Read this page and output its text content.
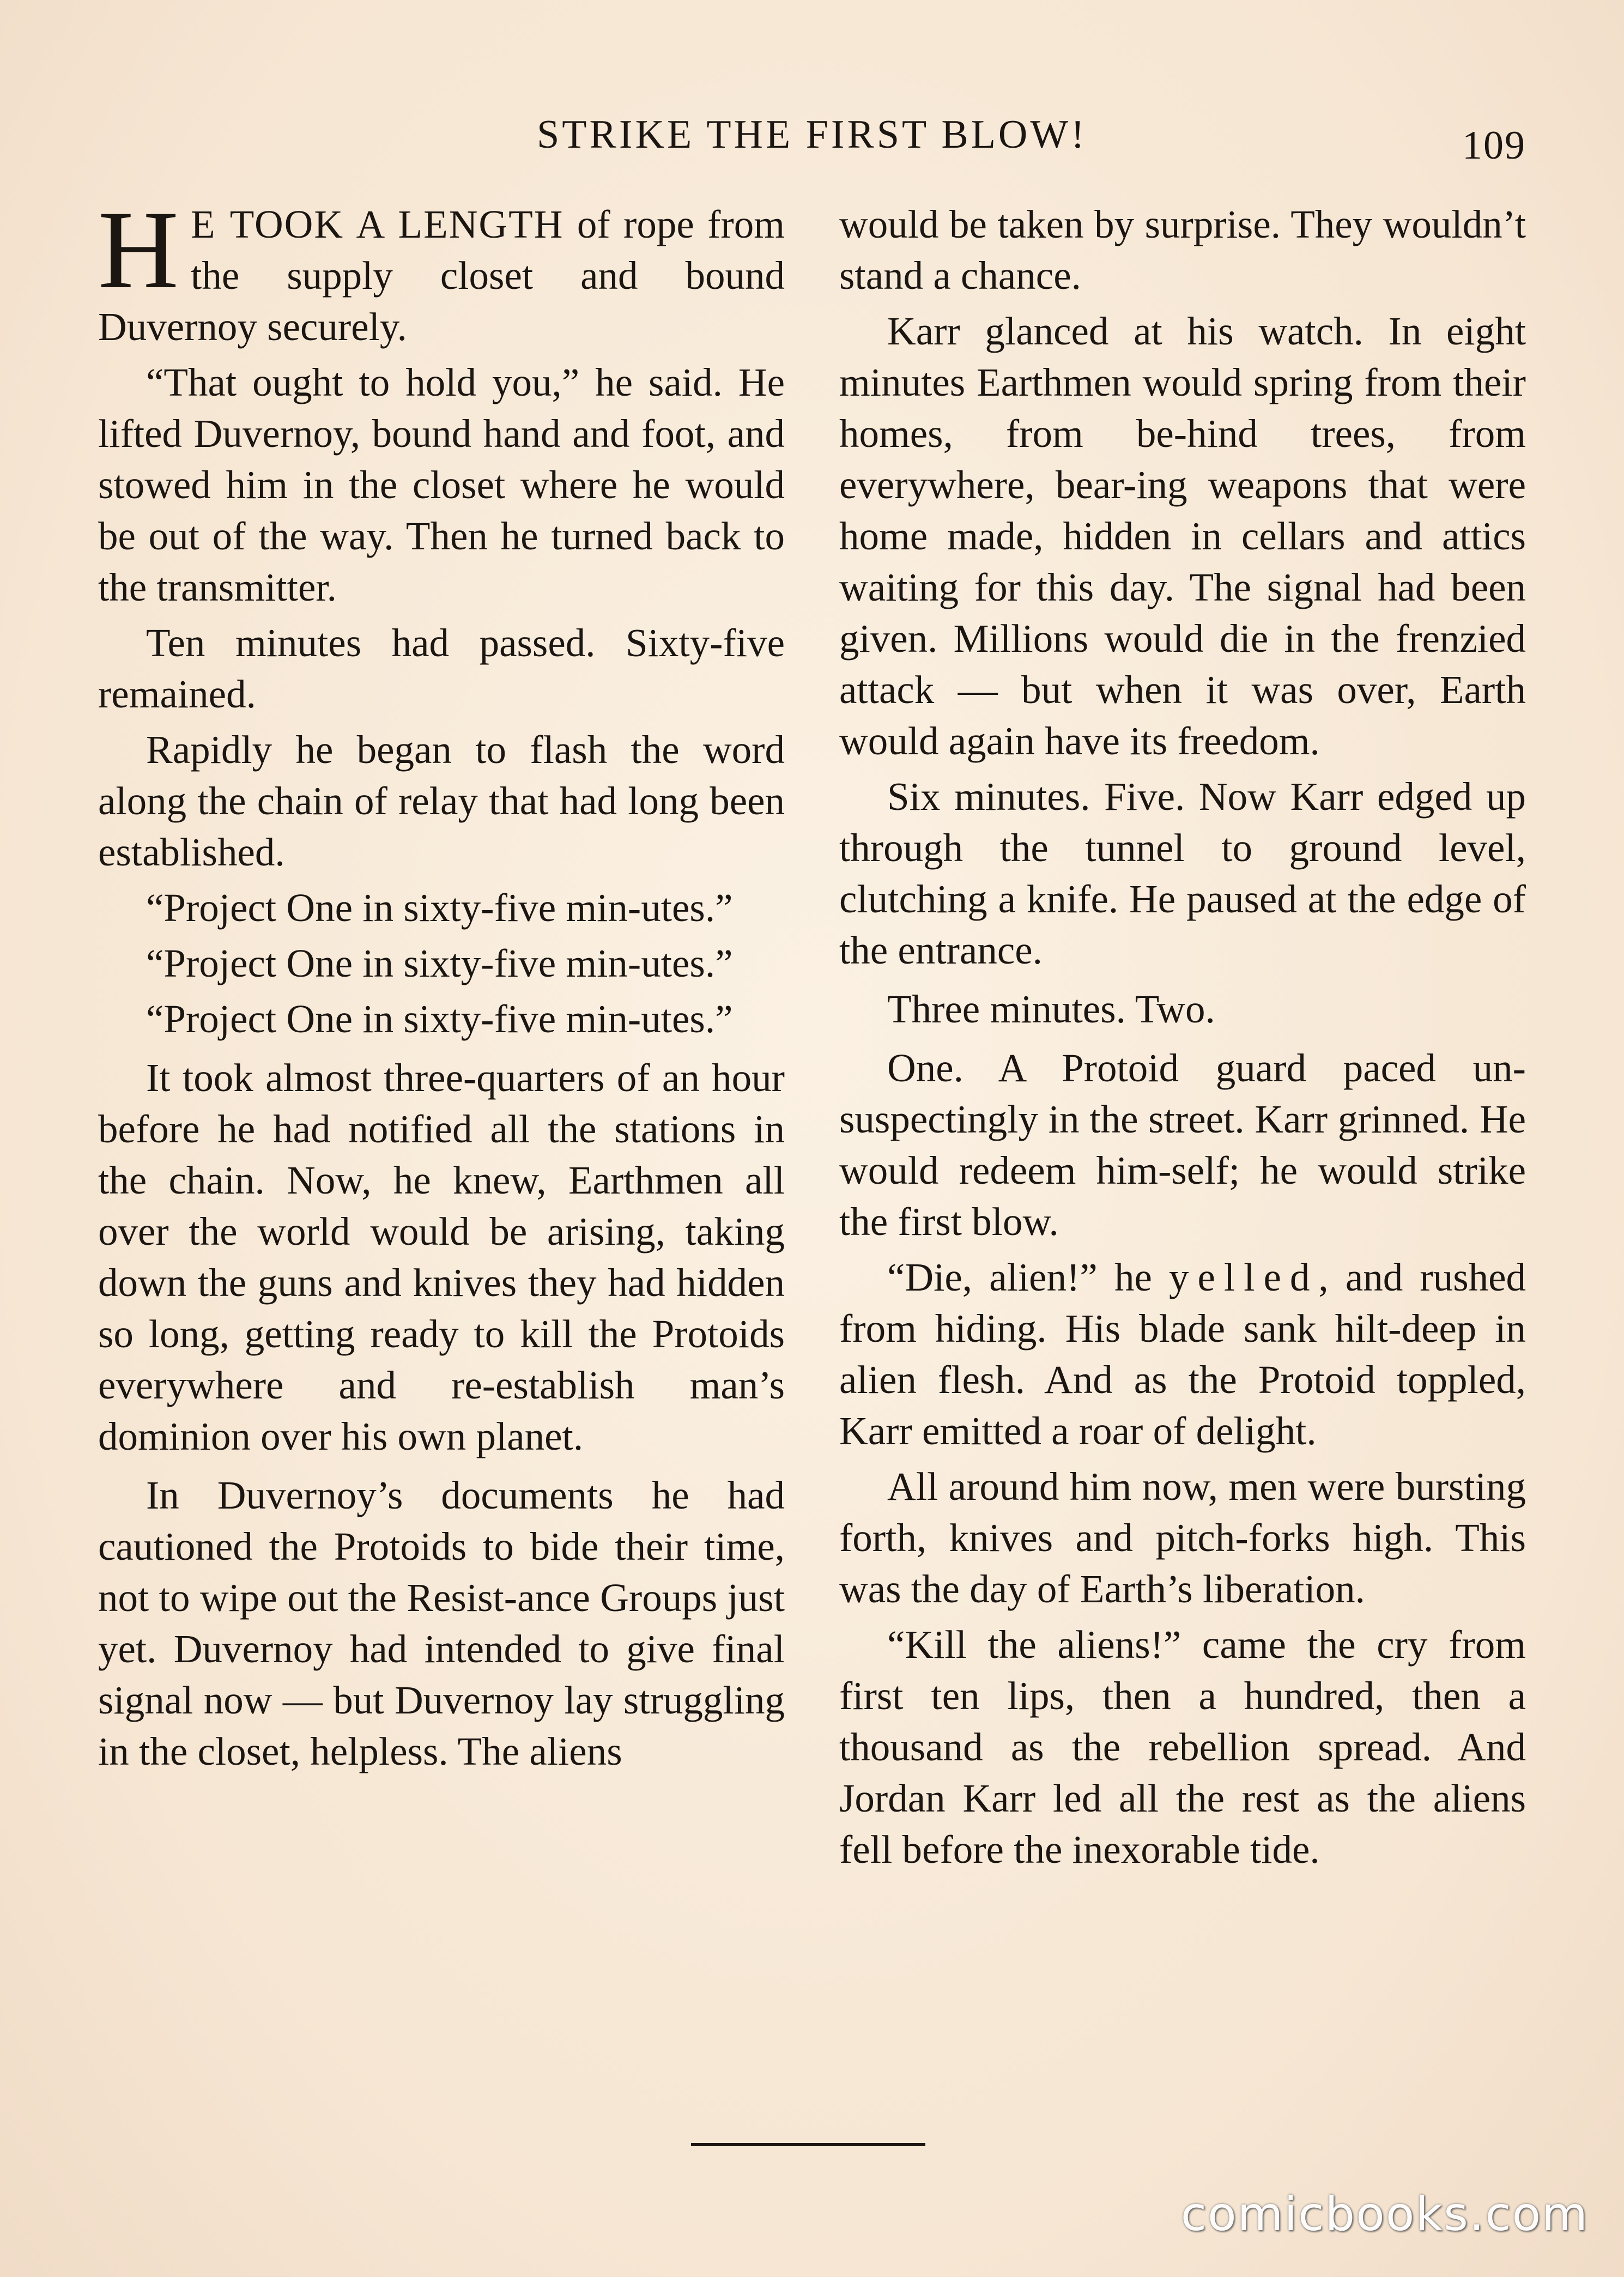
STRIKE THE FIRST BLOW!	109

H E TOOK A LENGTH of rope from the supply closet and bound Duvernoy securely.

“That ought to hold you,” he said. He lifted Duvernoy, bound hand and foot, and stowed him in the closet where he would be out of the way. Then he turned back to the transmitter.

Ten minutes had passed. Sixty-five remained.

Rapidly he began to flash the word along the chain of relay that had long been established.

“Project One in sixty-five min-utes.”

“Project One in sixty-five min-utes.”

“Project One in sixty-five min-utes.”

It took almost three-quarters of an hour before he had notified all the stations in the chain. Now, he knew, Earthmen all over the world would be arising, taking down the guns and knives they had hidden so long, getting ready to kill the Protoids everywhere and re-establish man’s dominion over his own planet.

In Duvernoy’s documents he had cautioned the Protoids to bide their time, not to wipe out the Resist-ance Groups just yet. Duvernoy had intended to give final signal now — but Duvernoy lay struggling in the closet, helpless. The aliens

would be taken by surprise. They wouldn’t stand a chance.

Karr glanced at his watch. In eight minutes Earthmen would spring from their homes, from be-hind trees, from everywhere, bear-ing weapons that were home made, hidden in cellars and attics waiting for this day. The signal had been given. Millions would die in the frenzied attack — but when it was over, Earth would again have its freedom.

Six minutes. Five. Now Karr edged up through the tunnel to ground level, clutching a knife. He paused at the edge of the entrance.

Three minutes. Two.

One. A Protoid guard paced un-suspectingly in the street. Karr grinned. He would redeem him-self; he would strike the first blow.

“Die, alien!” he yelled, and rushed from hiding. His blade sank hilt-deep in alien flesh. And as the Protoid toppled, Karr emitted a roar of delight.

All around him now, men were bursting forth, knives and pitch-forks high. This was the day of Earth’s liberation.

“Kill the aliens!” came the cry from first ten lips, then a hundred, then a thousand as the rebellion spread. And Jordan Karr led all the rest as the aliens fell before the inexorable tide.

comicbooks.com
